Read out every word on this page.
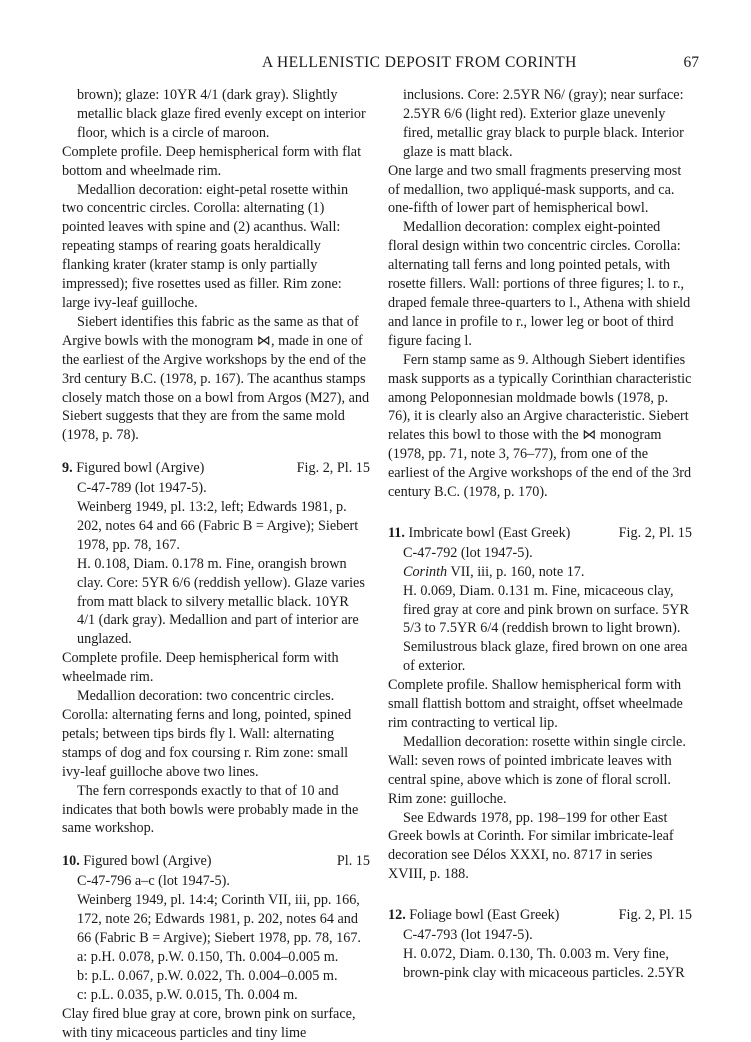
A HELLENISTIC DEPOSIT FROM CORINTH	67

brown); glaze: 10YR 4/1 (dark gray). Slightly metallic black glaze fired evenly except on interior floor, which is a circle of maroon.

Complete profile. Deep hemispherical form with flat bottom and wheelmade rim.

Medallion decoration: eight-petal rosette within two concentric circles. Corolla: alternating (1) pointed leaves with spine and (2) acanthus. Wall: repeating stamps of rearing goats heraldically flanking krater (krater stamp is only partially impressed); five rosettes used as filler. Rim zone: large ivy-leaf guilloche.

Siebert identifies this fabric as the same as that of Argive bowls with the monogram ⋈, made in one of the earliest of the Argive workshops by the end of the 3rd century B.C. (1978, p. 167). The acanthus stamps closely match those on a bowl from Argos (M27), and Siebert suggests that they are from the same mold (1978, p. 78).

9. Figured bowl (Argive)	Fig. 2, Pl. 15

C-47-789 (lot 1947-5).

Weinberg 1949, pl. 13:2, left; Edwards 1981, p. 202, notes 64 and 66 (Fabric B = Argive); Siebert 1978, pp. 78, 167.

H. 0.108, Diam. 0.178 m. Fine, orangish brown clay. Core: 5YR 6/6 (reddish yellow). Glaze varies from matt black to silvery metallic black. 10YR 4/1 (dark gray). Medallion and part of interior are unglazed.

Complete profile. Deep hemispherical form with wheelmade rim.

Medallion decoration: two concentric circles. Corolla: alternating ferns and long, pointed, spined petals; between tips birds fly l. Wall: alternating stamps of dog and fox coursing r. Rim zone: small ivy-leaf guilloche above two lines.

The fern corresponds exactly to that of 10 and indicates that both bowls were probably made in the same workshop.

10. Figured bowl (Argive)	Pl. 15

C-47-796 a–c (lot 1947-5).

Weinberg 1949, pl. 14:4; Corinth VII, iii, pp. 166, 172, note 26; Edwards 1981, p. 202, notes 64 and 66 (Fabric B = Argive); Siebert 1978, pp. 78, 167.

a: p.H. 0.078, p.W. 0.150, Th. 0.004–0.005 m.

b: p.L. 0.067, p.W. 0.022, Th. 0.004–0.005 m.

c: p.L. 0.035, p.W. 0.015, Th. 0.004 m.

Clay fired blue gray at core, brown pink on surface, with tiny micaceous particles and tiny lime

inclusions. Core: 2.5YR N6/ (gray); near surface: 2.5YR 6/6 (light red). Exterior glaze unevenly fired, metallic gray black to purple black. Interior glaze is matt black.

One large and two small fragments preserving most of medallion, two appliqué-mask supports, and ca. one-fifth of lower part of hemispherical bowl.

Medallion decoration: complex eight-pointed floral design within two concentric circles. Corolla: alternating tall ferns and long pointed petals, with rosette fillers. Wall: portions of three figures; l. to r., draped female three-quarters to l., Athena with shield and lance in profile to r., lower leg or boot of third figure facing l.

Fern stamp same as 9. Although Siebert identifies mask supports as a typically Corinthian characteristic among Peloponnesian moldmade bowls (1978, p. 76), it is clearly also an Argive characteristic. Siebert relates this bowl to those with the ⋈ monogram (1978, pp. 71, note 3, 76–77), from one of the earliest of the Argive workshops of the end of the 3rd century B.C. (1978, p. 170).

11. Imbricate bowl (East Greek)	Fig. 2, Pl. 15

C-47-792 (lot 1947-5).

Corinth VII, iii, p. 160, note 17.

H. 0.069, Diam. 0.131 m. Fine, micaceous clay, fired gray at core and pink brown on surface. 5YR 5/3 to 7.5YR 6/4 (reddish brown to light brown). Semilustrous black glaze, fired brown on one area of exterior.

Complete profile. Shallow hemispherical form with small flattish bottom and straight, offset wheelmade rim contracting to vertical lip.

Medallion decoration: rosette within single circle. Wall: seven rows of pointed imbricate leaves with central spine, above which is zone of floral scroll. Rim zone: guilloche.

See Edwards 1978, pp. 198–199 for other East Greek bowls at Corinth. For similar imbricate-leaf decoration see Délos XXXI, no. 8717 in series XVIII, p. 188.

12. Foliage bowl (East Greek)	Fig. 2, Pl. 15

C-47-793 (lot 1947-5).

H. 0.072, Diam. 0.130, Th. 0.003 m. Very fine, brown-pink clay with micaceous particles. 2.5YR
